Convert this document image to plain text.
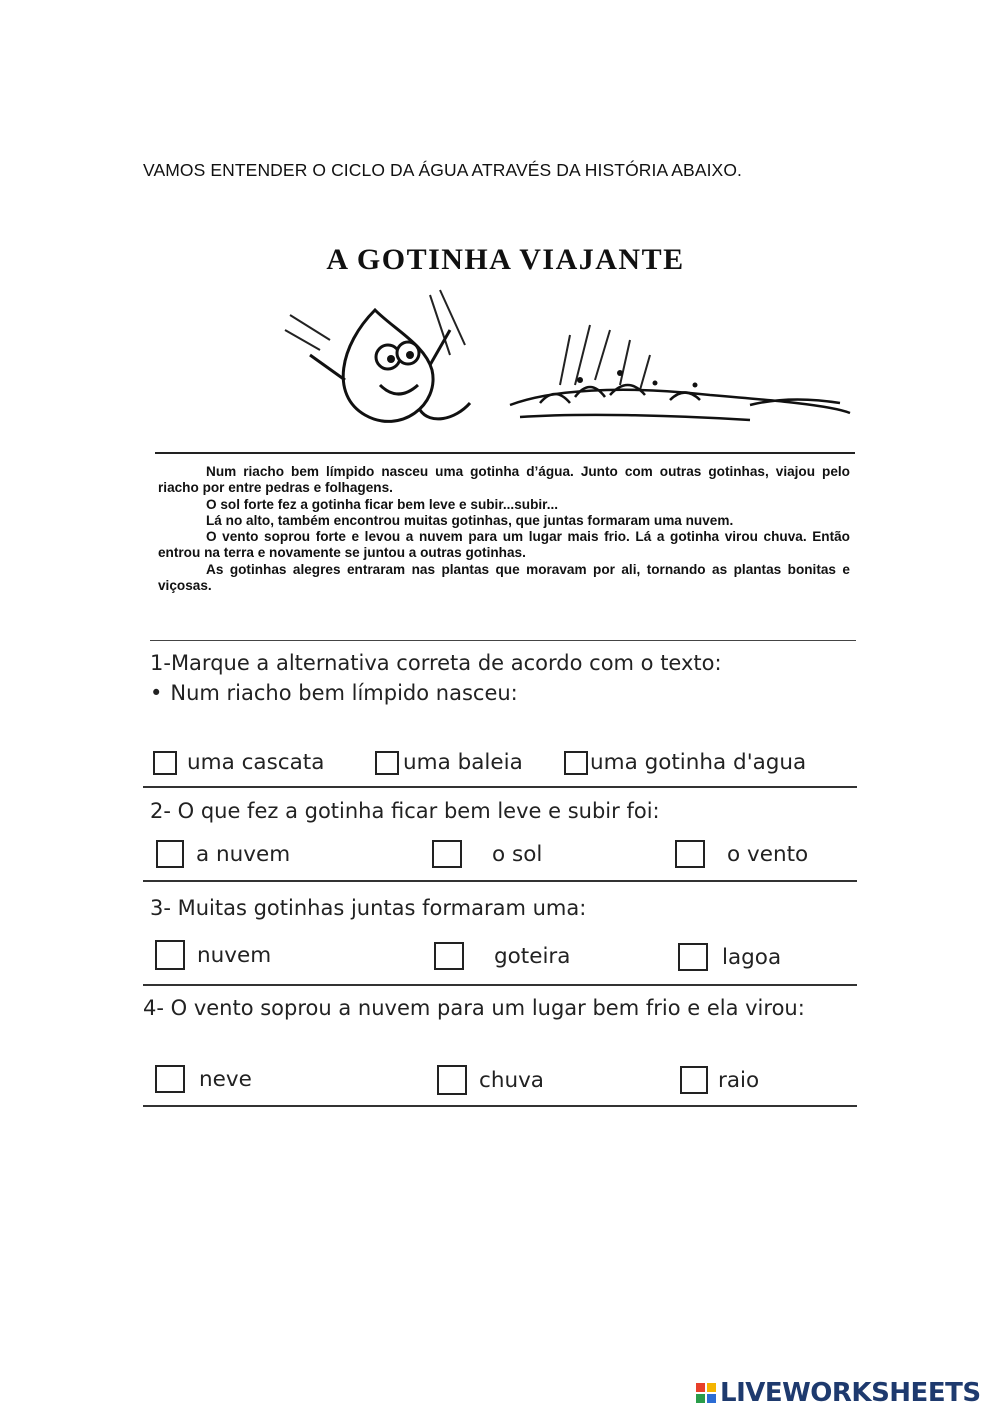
VAMOS ENTENDER O CICLO DA ÁGUA ATRAVÉS DA HISTÓRIA ABAIXO.
A GOTINHA VIAJANTE

Num riacho bem límpido nasceu uma gotinha d’água. Junto com outras gotinhas, viajou pelo riacho por entre pedras e folhagens.

O sol forte fez a gotinha ficar bem leve e subir...subir...

Lá no alto, também encontrou muitas gotinhas, que juntas formaram uma nuvem.

O vento soprou forte e levou a nuvem para um lugar mais frio. Lá a gotinha virou chuva. Então entrou na terra e novamente se juntou a outras gotinhas.

As gotinhas alegres entraram nas plantas que moravam por ali, tornando as plantas bonitas e viçosas.

1-Marque a alternativa correta de acordo com o texto:
• Num riacho bem límpido nasceu:
uma cascata	uma baleia	uma gotinha d'agua
2- O que fez a gotinha ficar bem leve e subir foi:
a nuvem	o sol	o vento
3- Muitas gotinhas juntas formaram uma:
nuvem	goteira	lagoa
4- O vento soprou a nuvem para um lugar bem frio e ela virou:
neve	chuva	raio
LIVEWORKSHEETS
